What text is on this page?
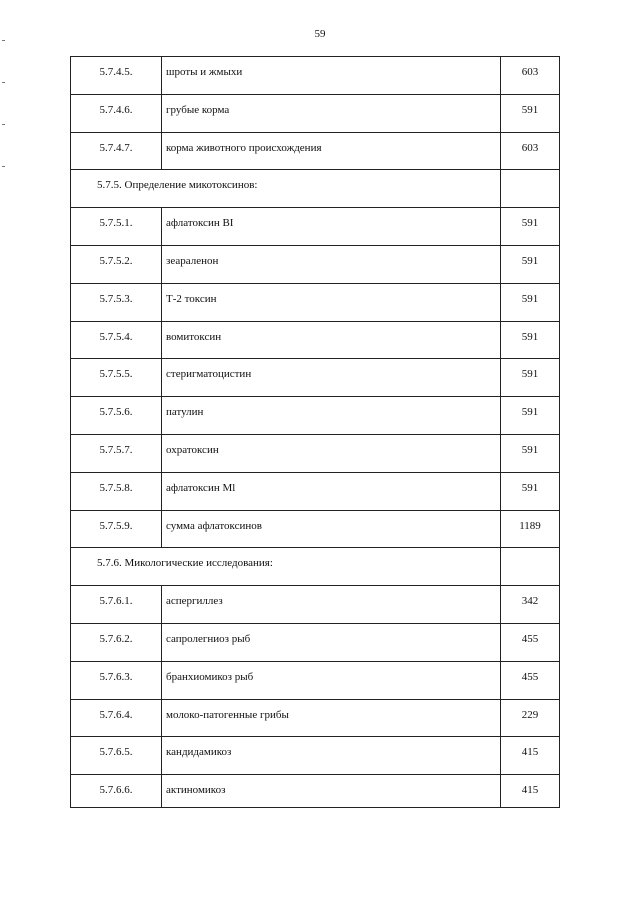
59
5.7.4.5.	шроты и жмыхи	603

5.7.4.6.	грубые корма	591

5.7.4.7.	корма животного происхождения	603

5.7.5. Определение микотоксинов:		

5.7.5.1.	афлатоксин BI	591

5.7.5.2.	зеараленон	591

5.7.5.3.	Т-2 токсин	591

5.7.5.4.	вомитоксин	591

5.7.5.5.	стеригматоцистин	591

5.7.5.6.	патулин	591

5.7.5.7.	охратоксин	591

5.7.5.8.	афлатоксин Ml	591

5.7.5.9.	сумма афлатоксинов	1189

5.7.6. Микологические исследования:		

5.7.6.1.	аспергиллез	342

5.7.6.2.	сапролегниоз рыб	455

5.7.6.3.	бранхиомикоз рыб	455

5.7.6.4.	молоко-патогенные грибы	229

5.7.6.5.	кандидамикоз	415

5.7.6.6.	актиномикоз	415
